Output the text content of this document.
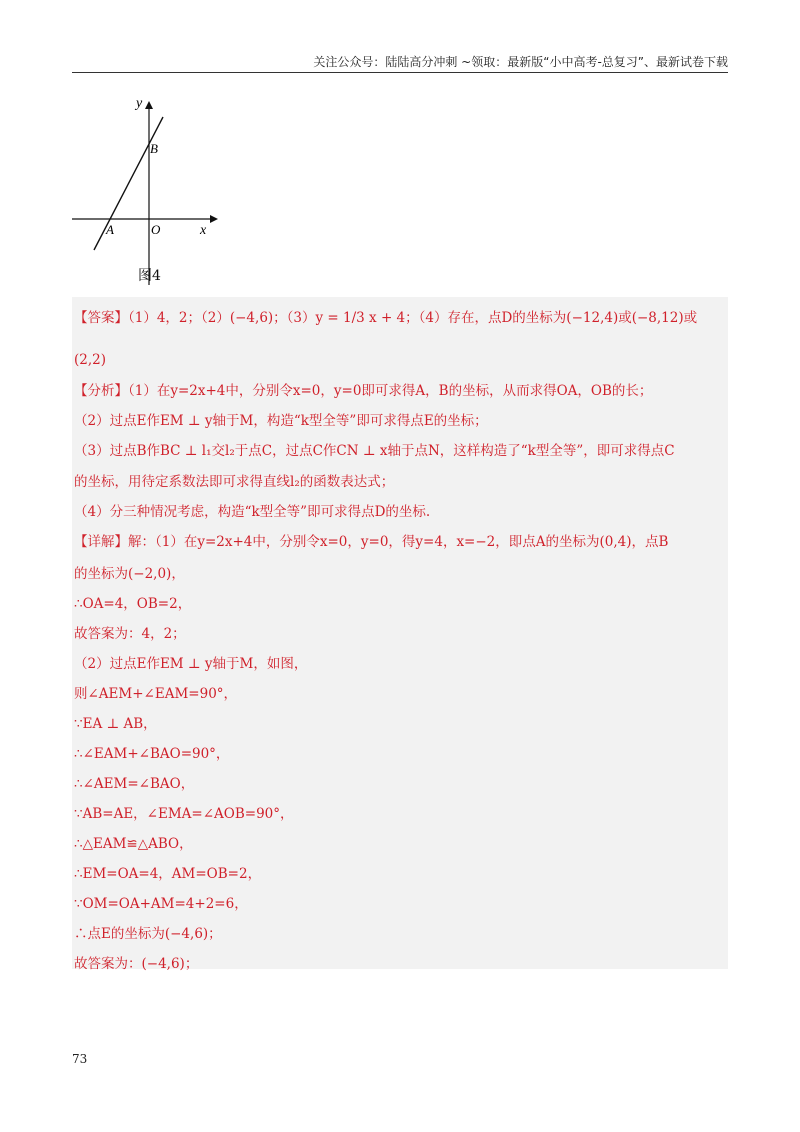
关注公众号：陆陆高分冲刺 ~领取：最新版“小中高考-总复习”、最新试卷下载
y
x
B
A	O
图4
【答案】（1）4，2；（2）(−4,6)；（3）y = 1/3 x + 4；（4）存在，点D的坐标为(−12,4)或(−8,12)或
(2,2)
【分析】（1）在y=2x+4中，分别令x=0，y=0即可求得A，B的坐标，从而求得OA，OB的长；
（2）过点E作EM ⊥ y轴于M，构造“k型全等”即可求得点E的坐标；
（3）过点B作BC ⊥ l₁交l₂于点C，过点C作CN ⊥ x轴于点N，这样构造了“k型全等”，即可求得点C
的坐标，用待定系数法即可求得直线l₂的函数表达式；
（4）分三种情况考虑，构造“k型全等”即可求得点D的坐标.
【详解】解：（1）在y=2x+4中，分别令x=0，y=0，得y=4，x=−2，即点A的坐标为(0,4)，点B
的坐标为(−2,0)，
∴OA=4，OB=2，
故答案为：4，2；
（2）过点E作EM ⊥ y轴于M，如图，
则∠AEM+∠EAM=90°，
∵EA ⊥ AB，
∴∠EAM+∠BAO=90°，
∴∠AEM=∠BAO，
∵AB=AE，∠EMA=∠AOB=90°，
∴△EAM≌△ABO，
∴EM=OA=4，AM=OB=2，
∵OM=OA+AM=4+2=6，
∴点E的坐标为(−4,6)；
故答案为：(−4,6)；
73
